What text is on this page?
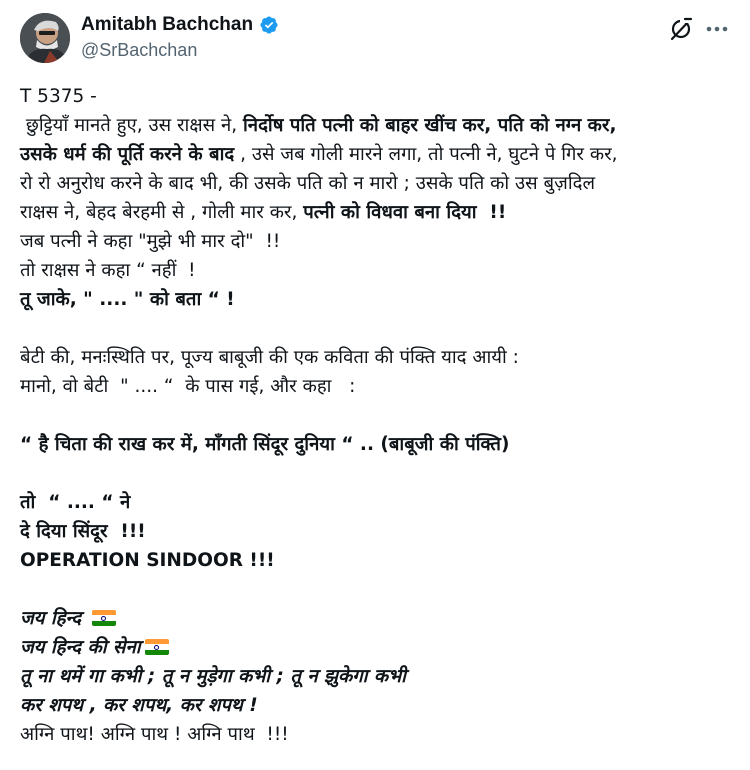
Amitabh Bachchan
@SrBachchan
T 5375 -
छुट्टियाँ मानते हुए, उस राक्षस ने, निर्दोष पति पत्नी को बाहर खींच कर, पति को नग्न कर,
उसके धर्म की पूर्ति करने के बाद , उसे जब गोली मारने लगा, तो पत्नी ने, घुटने पे गिर कर,
रो रो अनुरोध करने के बाद भी, की उसके पति को न मारो ; उसके पति को उस बुज़दिल
राक्षस ने, बेहद बेरहमी से , गोली मार कर, पत्नी को विधवा बना दिया  !!
जब पत्नी ने कहा "मुझे भी मार दो"  !!
तो राक्षस ने कहा “ नहीं  !
तू जाके, " .... " को बता “ !
बेटी की, मनःस्थिति पर, पूज्य बाबूजी की एक कविता की पंक्ति याद आयी :
मानो, वो बेटी  " .... “  के पास गई, और कहा   :
“ है चिता की राख कर में, माँगती सिंदूर दुनिया “ .. (बाबूजी की पंक्ति)
तो  “ .... “ ने
दे दिया सिंदूर  !!!
OPERATION SINDOOR !!!
जय हिन्द
जय हिन्द की सेना
तू ना थमें गा कभी ; तू न मुड़ेगा कभी ; तू न झुकेगा कभी
कर शपथ , कर शपथ, कर शपथ !
अग्नि पाथ! अग्नि पाथ ! अग्नि पाथ  !!!
